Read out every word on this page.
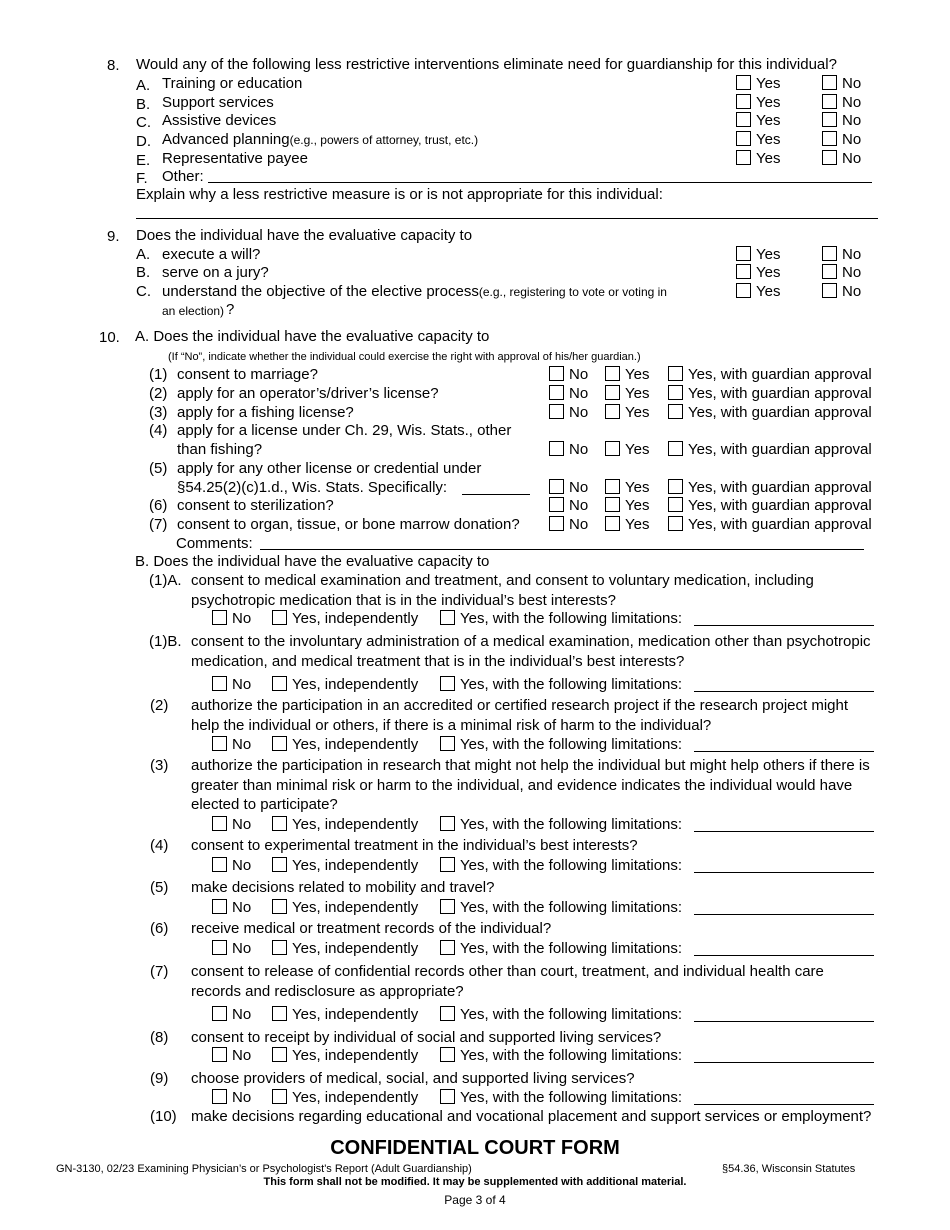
8. Would any of the following less restrictive interventions eliminate need for guardianship for this individual?
A. Training or education	Yes	No
B. Support services	Yes	No
C. Assistive devices	Yes	No
D. Advanced planning(e.g., powers of attorney, trust, etc.)	Yes	No
E. Representative payee	Yes	No
F. Other:
Explain why a less restrictive measure is or is not appropriate for this individual:
9. Does the individual have the evaluative capacity to
A. execute a will?	Yes	No
B. serve on a jury?	Yes	No
C. understand the objective of the elective process(e.g., registering to vote or voting in	Yes	No
an election) ?
10. A. Does the individual have the evaluative capacity to
(If “No”, indicate whether the individual could exercise the right with approval of his/her guardian.)
(1) consent to marriage?	No	Yes	Yes, with guardian approval
(2) apply for an operator’s/driver’s license?	No	Yes	Yes, with guardian approval
(3) apply for a fishing license?	No	Yes	Yes, with guardian approval
(4) apply for a license under Ch. 29, Wis. Stats., other
than fishing?	No	Yes	Yes, with guardian approval
(5) apply for any other license or credential under
§54.25(2)(c)1.d., Wis. Stats. Specifically:	No	Yes	Yes, with guardian approval
(6) consent to sterilization?	No	Yes	Yes, with guardian approval
(7) consent to organ, tissue, or bone marrow donation?	No	Yes	Yes, with guardian approval
Comments:
B. Does the individual have the evaluative capacity to
(1)A. consent to medical examination and treatment, and consent to voluntary medication, including
psychotropic medication that is in the individual’s best interests?
No	Yes, independently	Yes, with the following limitations:
(1)B. consent to the involuntary administration of a medical examination, medication other than psychotropic
medication, and medical treatment that is in the individual’s best interests?
No	Yes, independently	Yes, with the following limitations:
(2) authorize the participation in an accredited or certified research project if the research project might
help the individual or others, if there is a minimal risk of harm to the individual?
No	Yes, independently	Yes, with the following limitations:
(3) authorize the participation in research that might not help the individual but might help others if there is
greater than minimal risk or harm to the individual, and evidence indicates the individual would have
elected to participate?
No	Yes, independently	Yes, with the following limitations:
(4) consent to experimental treatment in the individual’s best interests?
No	Yes, independently	Yes, with the following limitations:
(5) make decisions related to mobility and travel?
No	Yes, independently	Yes, with the following limitations:
(6) receive medical or treatment records of the individual?
No	Yes, independently	Yes, with the following limitations:
(7) consent to release of confidential records other than court, treatment, and individual health care
records and redisclosure as appropriate?
No	Yes, independently	Yes, with the following limitations:
(8) consent to receipt by individual of social and supported living services?
No	Yes, independently	Yes, with the following limitations:
(9) choose providers of medical, social, and supported living services?
No	Yes, independently	Yes, with the following limitations:
(10) make decisions regarding educational and vocational placement and support services or employment?
CONFIDENTIAL COURT FORM
GN-3130, 02/23 Examining Physician’s or Psychologist's Report (Adult Guardianship)	§54.36, Wisconsin Statutes
This form shall not be modified. It may be supplemented with additional material.
Page 3 of 4
